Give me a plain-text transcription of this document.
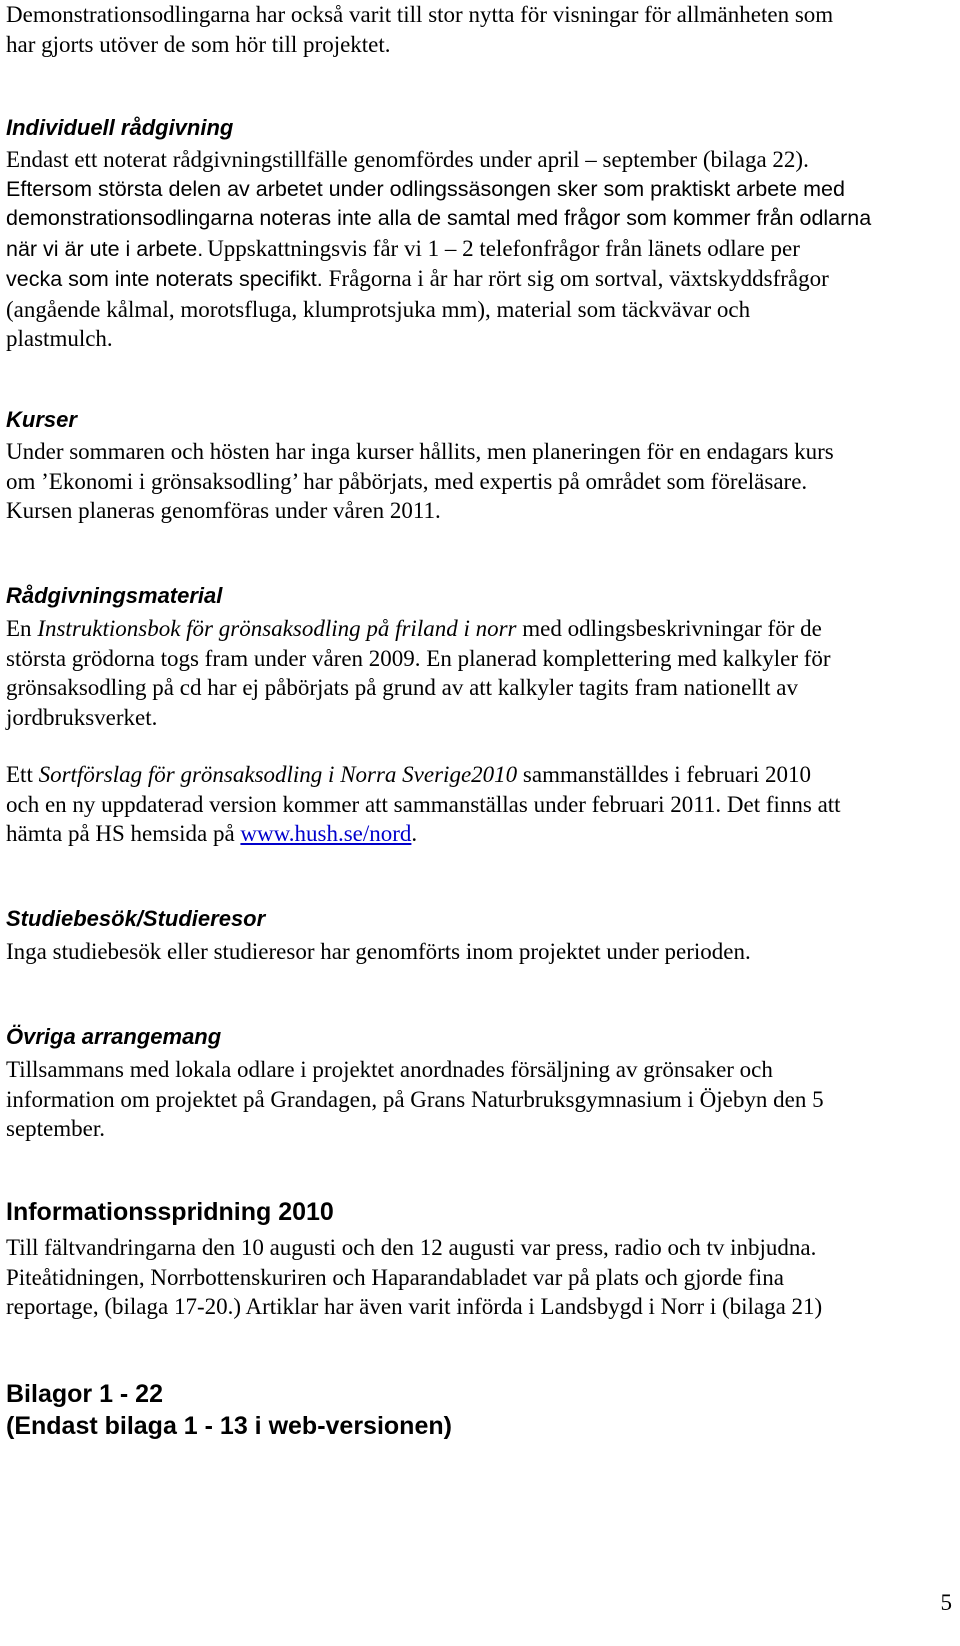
Demonstrationsodlingarna har också varit till stor nytta för visningar för allmänheten som
har gjorts utöver de som hör till projektet.
Individuell rådgivning
Endast ett noterat rådgivningstillfälle genomfördes under april – september (bilaga 22).
Eftersom största delen av arbetet under odlingssäsongen sker som praktiskt arbete med
demonstrationsodlingarna noteras inte alla de samtal med frågor som kommer från odlarna
när vi är ute i arbete. Uppskattningsvis får vi 1 – 2 telefonfrågor från länets odlare per
vecka som inte noterats specifikt. Frågorna i år har rört sig om sortval, växtskyddsfrågor
(angående kålmal, morotsfluga, klumprotsjuka mm), material som täckvävar och
plastmulch.
Kurser
Under sommaren och hösten har inga kurser hållits, men planeringen för en endagars kurs
om ’Ekonomi i grönsaksodling’ har påbörjats, med expertis på området som föreläsare.
Kursen planeras genomföras under våren 2011.
Rådgivningsmaterial
En Instruktionsbok för grönsaksodling på friland i norr med odlingsbeskrivningar för de
största grödorna togs fram under våren 2009. En planerad komplettering med kalkyler för
grönsaksodling på cd har ej påbörjats på grund av att kalkyler tagits fram nationellt av
jordbruksverket.
Ett Sortförslag för grönsaksodling i Norra Sverige2010 sammanställdes i februari 2010
och en ny uppdaterad version kommer att sammanställas under februari 2011. Det finns att
hämta på HS hemsida på www.hush.se/nord.
Studiebesök/Studieresor
Inga studiebesök eller studieresor har genomförts inom projektet under perioden.
Övriga arrangemang
Tillsammans med lokala odlare i projektet anordnades försäljning av grönsaker och
information om projektet på Grandagen, på Grans Naturbruksgymnasium i Öjebyn den 5
september.
Informationsspridning 2010
Till fältvandringarna den 10 augusti och den 12 augusti var press, radio och tv inbjudna.
Piteåtidningen, Norrbottenskuriren och Haparandabladet var på plats och gjorde fina
reportage, (bilaga 17-20.) Artiklar har även varit införda i Landsbygd i Norr i (bilaga 21)
Bilagor 1 - 22
(Endast bilaga 1 - 13 i web-versionen)
5
